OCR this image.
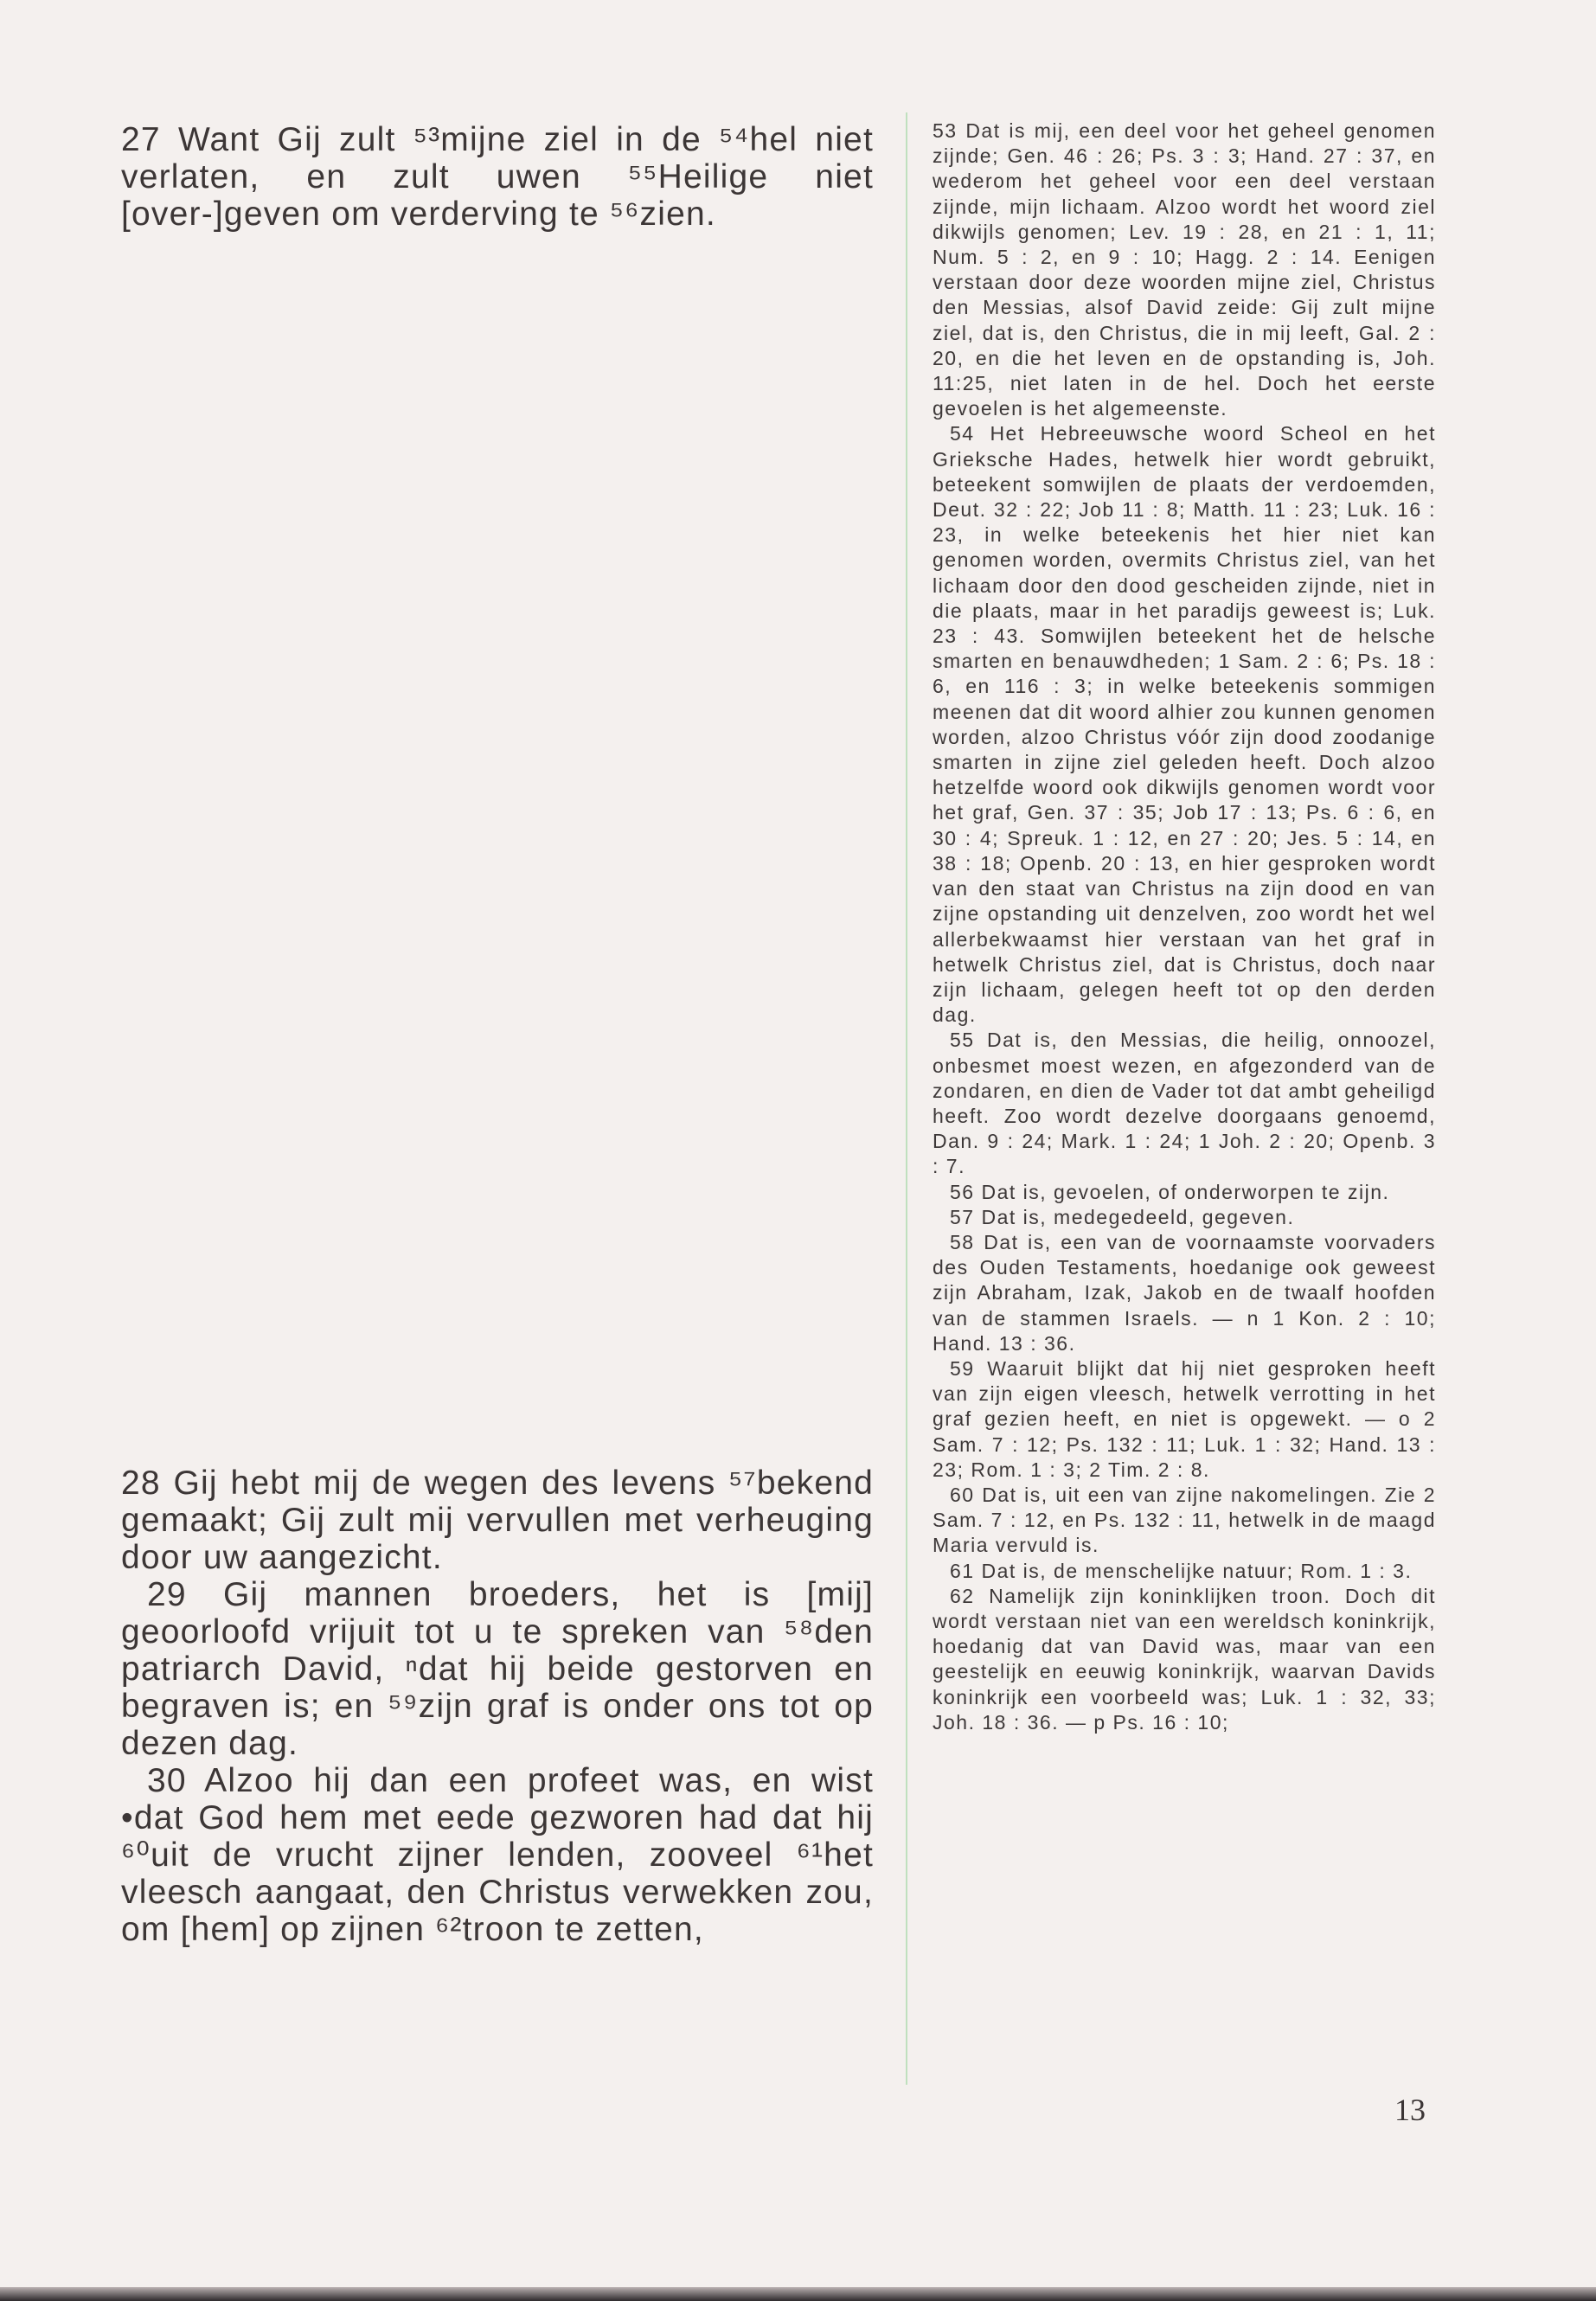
27 Want Gij zult ⁵³mijne ziel in de ⁵⁴hel niet verlaten, en zult uwen ⁵⁵Heilige niet [over-]geven om verderving te ⁵⁶zien.

28 Gij hebt mij de wegen des levens ⁵⁷bekend gemaakt; Gij zult mij vervullen met verheuging door uw aangezicht.

29 Gij mannen broeders, het is [mij] geoorloofd vrijuit tot u te spreken van ⁵⁸den patriarch David, ⁿdat hij beide gestorven en begraven is; en ⁵⁹zijn graf is onder ons tot op dezen dag.

30 Alzoo hij dan een profeet was, en wist •dat God hem met eede gezworen had dat hij ⁶⁰uit de vrucht zijner lenden, zooveel ⁶¹het vleesch aangaat, den Christus verwekken zou, om [hem] op zijnen ⁶²troon te zetten,

53 Dat is mij, een deel voor het geheel genomen zijnde; Gen. 46 : 26; Ps. 3 : 3; Hand. 27 : 37, en wederom het geheel voor een deel verstaan zijnde, mijn lichaam. Alzoo wordt het woord ziel dikwijls genomen; Lev. 19 : 28, en 21 : 1, 11; Num. 5 : 2, en 9 : 10; Hagg. 2 : 14. Eenigen verstaan door deze woorden mijne ziel, Christus den Messias, alsof David zeide: Gij zult mijne ziel, dat is, den Christus, die in mij leeft, Gal. 2 : 20, en die het leven en de opstanding is, Joh. 11:25, niet laten in de hel. Doch het eerste gevoelen is het algemeenste.

54 Het Hebreeuwsche woord Scheol en het Grieksche Hades, hetwelk hier wordt gebruikt, beteekent somwijlen de plaats der verdoemden, Deut. 32 : 22; Job 11 : 8; Matth. 11 : 23; Luk. 16 : 23, in welke beteekenis het hier niet kan genomen worden, overmits Christus ziel, van het lichaam door den dood gescheiden zijnde, niet in die plaats, maar in het paradijs geweest is; Luk. 23 : 43. Somwijlen beteekent het de helsche smarten en benauwdheden; 1 Sam. 2 : 6; Ps. 18 : 6, en 116 : 3; in welke beteekenis sommigen meenen dat dit woord alhier zou kunnen genomen worden, alzoo Christus vóór zijn dood zoodanige smarten in zijne ziel geleden heeft. Doch alzoo hetzelfde woord ook dikwijls genomen wordt voor het graf, Gen. 37 : 35; Job 17 : 13; Ps. 6 : 6, en 30 : 4; Spreuk. 1 : 12, en 27 : 20; Jes. 5 : 14, en 38 : 18; Openb. 20 : 13, en hier gesproken wordt van den staat van Christus na zijn dood en van zijne opstanding uit denzelven, zoo wordt het wel allerbekwaamst hier verstaan van het graf in hetwelk Christus ziel, dat is Christus, doch naar zijn lichaam, gelegen heeft tot op den derden dag.

55 Dat is, den Messias, die heilig, onnoozel, onbesmet moest wezen, en afgezonderd van de zondaren, en dien de Vader tot dat ambt geheiligd heeft. Zoo wordt dezelve doorgaans genoemd, Dan. 9 : 24; Mark. 1 : 24; 1 Joh. 2 : 20; Openb. 3 : 7.

56 Dat is, gevoelen, of onderworpen te zijn.

57 Dat is, medegedeeld, gegeven.

58 Dat is, een van de voornaamste voorvaders des Ouden Testaments, hoedanige ook geweest zijn Abraham, Izak, Jakob en de twaalf hoofden van de stammen Israels. — n 1 Kon. 2 : 10; Hand. 13 : 36.

59 Waaruit blijkt dat hij niet gesproken heeft van zijn eigen vleesch, hetwelk verrotting in het graf gezien heeft, en niet is opgewekt. — o 2 Sam. 7 : 12; Ps. 132 : 11; Luk. 1 : 32; Hand. 13 : 23; Rom. 1 : 3; 2 Tim. 2 : 8.

60 Dat is, uit een van zijne nakomelingen. Zie 2 Sam. 7 : 12, en Ps. 132 : 11, hetwelk in de maagd Maria vervuld is.

61 Dat is, de menschelijke natuur; Rom. 1 : 3.

62 Namelijk zijn koninklijken troon. Doch dit wordt verstaan niet van een wereldsch koninkrijk, hoedanig dat van David was, maar van een geestelijk en eeuwig koninkrijk, waarvan Davids koninkrijk een voorbeeld was; Luk. 1 : 32, 33; Joh. 18 : 36. — p Ps. 16 : 10;

13
